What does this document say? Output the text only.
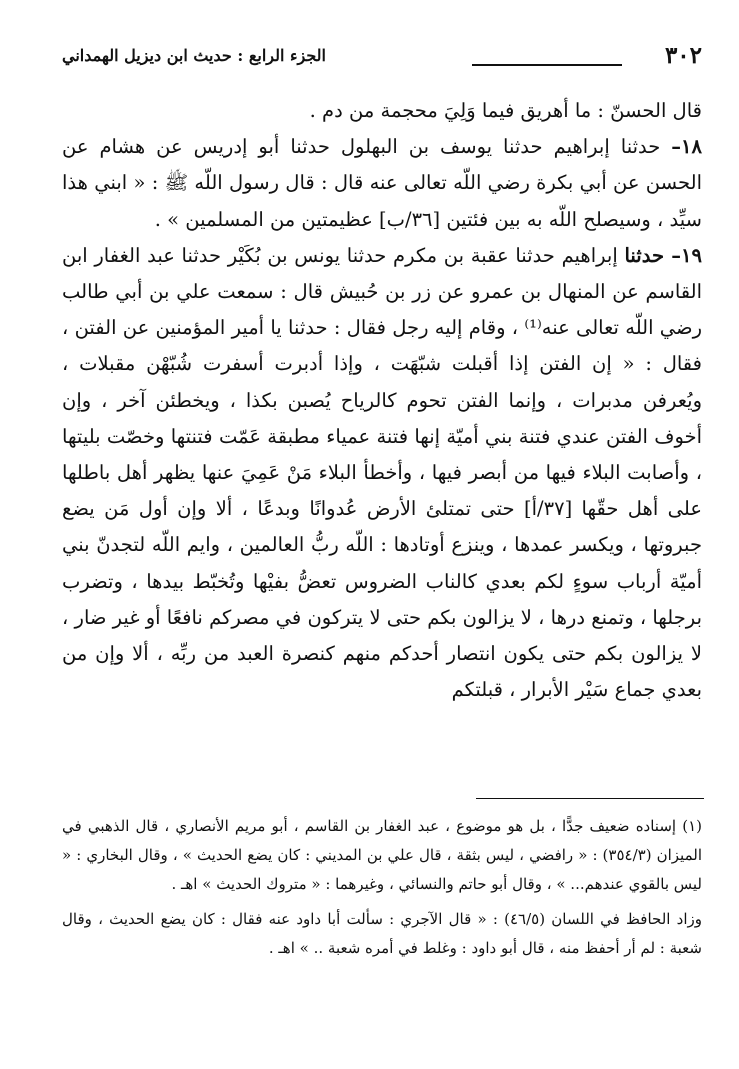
٣٠٢
الجزء الرابع : حديث ابن ديزيل الهمداني

قال الحسنّ : ما أهريق فيما وَلِيَ محجمة من دم .

١٨– حدثنا إبراهيم حدثنا يوسف بن البهلول حدثنا أبو إدريس عن هشام عن الحسن عن أبي بكرة رضي اللّه تعالى عنه قال : قال رسول اللّه ﷺ : « ابني هذا سيِّد ، وسيصلح اللّه به بين فئتين [٣٦/ب] عظيمتين من المسلمين » .

١٩– حدثنا إبراهيم حدثنا عقبة بن مكرم حدثنا يونس بن بُكَيْر حدثنا عبد الغفار ابن القاسم عن المنهال بن عمرو عن زر بن حُبيش قال : سمعت علي بن أبي طالب رضي اللّه تعالى عنه⁽¹⁾ ، وقام إليه رجل فقال : حدثنا يا أمير المؤمنين عن الفتن ، فقال : « إن الفتن إذا أقبلت شبّهَت ، وإذا أدبرت أسفرت شُبّهْن مقبلات ، ويُعرفن مدبرات ، وإنما الفتن تحوم كالرياح يُصبن بكذا ، ويخطئن آخر ، وإن أخوف الفتن عندي فتنة بني أميّة إنها فتنة عمياء مطبقة عَمّت فتنتها وخصّت بليتها ، وأصابت البلاء فيها من أبصر فيها ، وأخطأ البلاء مَنْ عَمِيَ عنها يظهر أهل باطلها على أهل حقّها [٣٧/أ] حتى تمتلئ الأرض عُدوانًا وبدعًا ، ألا وإن أول مَن يضع جبروتها ، ويكسر عمدها ، وينزع أوتادها : اللّه ربُّ العالمين ، وايم اللّه لتجدنّ بني أميّة أرباب سوءٍ لكم بعدي كالناب الضروس تعضُّ بفيْها وتُخبّط بيدها ، وتضرب برجلها ، وتمنع درها ، لا يزالون بكم حتى لا يتركون في مصركم نافعًا أو غير ضار ، لا يزالون بكم حتى يكون انتصار أحدكم منهم كنصرة العبد من ربِّه ، ألا وإن من بعدي جماع سَيْر الأبرار ، قبلتكم

(١) إسناده ضعيف جدًّا ، بل هو موضوع ، عبد الغفار بن القاسم ، أبو مريم الأنصاري ، قال الذهبي في الميزان (٣٥٤/٣) : « رافضي ، ليس بثقة ، قال علي بن المديني : كان يضع الحديث » ، وقال البخاري : « ليس بالقوي عندهم... » ، وقال أبو حاتم والنسائي ، وغيرهما : « متروك الحديث » اهـ .

وزاد الحافظ في اللسان (٤٦/٥) : « قال الآجري : سألت أبا داود عنه فقال : كان يضع الحديث ، وقال شعبة : لم أر أحفظ منه ، قال أبو داود : وغلط في أمره شعبة .. » اهـ .
